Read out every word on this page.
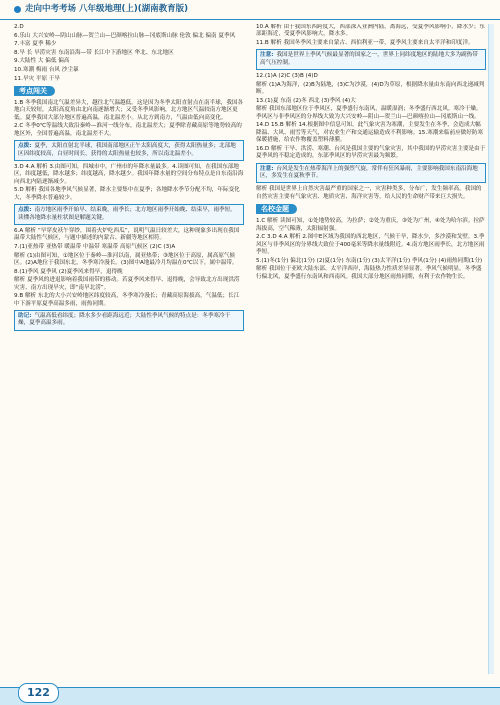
走向中考考场 八年级地理(上)(湖南教育版)

2.D

6.乐山 大兴安岭—阴山山脉—贺兰山—巴颜喀拉山脉—冈底斯山脉 伦敦 偏北 偏南 夏季风

7.丰富 夏季 稀少

8.旱 长 早涝灾害 东南沿海—带 长江中下游地区 华北、东北地区

9.大陆性 大 偏低 偏高

10.寒潮 梅雨 台风 沙尘暴

11.旱灾 平原 干旱

考点闯关

1.B 冬季我国南北气温差异大，越往北气温越低。这是因为冬季太阳直射点在南半球，我国各地白天较短，太阳高度角由北向南逐渐增大；又受冬季风影响，北方地区气温较南方地区更低。夏季我国大部分地区普遍高温，南北温差小。从北方到南方，气温由低向高变化。

2.C 冬季0℃等温线大致沿秦岭—淮河一线分布，南北温差大；夏季除青藏高原等地势较高的地区外，全国普遍高温，南北温差不大。

点拨: 夏季，太阳直射北半球，我国南部地区正午太阳高度大，获得太阳热量多；北部地区因纬度较高，白昼时间长，获得的太阳热量也较多，所以南北温差小。

3.D 4.A 解析 3.由图可知，四城市中，广州市的年降水量最多。4.读图可知，在我国东部地区，纬度越低，降水越多；纬度越高，降水越少。我国年降水量的空间分布特点是自东南沿海向西北内陆逐渐减少。

5.D 解析 我国各地季风气候显著，降水主要集中在夏季；各地降水季节分配不均，年际变化大，冬季降水普遍较少。

点拨: 南方地区雨季开始早、结束晚，雨季长；北方地区雨季开始晚、结束早，雨季短。读懂各地降水量柱状图是解题关键。

6.A 解析 “早穿皮袄午穿纱，围着火炉吃西瓜”，说明气温日较差大，这种现象多出现在我国温带大陆性气候区，与题中描述的内蒙古、新疆等地区相符。

7.(1)亚热带 亚热带 暖温带 中温带 寒温带 高原气候区 (2)C (3)A

解析 (1)由图可知，①地区位于秦岭—淮河以南，属亚热带；③地区位于高原，属高原气候区。(2)A地位于我国东北，冬季寒冷漫长。(3)图中A地最冷月均温在0℃以下，属中温带。

8.(1)季风 夏季风 (2)夏季风来得早，退得晚

解析 夏季风的进退影响着我国雨带的移动。若夏季风来得早、退得晚，会导致北方出现洪涝灾害、南方出现旱灾，即“南旱北涝”。

9.B 解析 东北的大小兴安岭地区纬度较高，冬季寒冷漫长；青藏高原海拔高，气温低；长江中下游平原夏季高温多雨，雨热同期。

助记: 气温高低看纬度；降水多少看距海远近；大陆性季风气候的特点是：冬季寒冷干燥，夏季高温多雨。

10.A 解析 由于我国东西跨度大，西部深入亚洲内陆，离海远，受夏季风影响小，降水少；东部距海近，受夏季风影响大，降水多。

11.B 解析 我国冬季风主要来自蒙古、西伯利亚一带，夏季风主要来自太平洋和印度洋。

注意: 我国是世界上季风气候最显著的国家之一，世界上同纬度地区的陆地大多为副热带高气压控制。

12.(1)A (2)C (3)B (4)D

解析 (1)A为海洋，(2)B为陆地，(3)C为沙漠，(4)D为草原，根据降水量由东南向西北递减判断。

13.(1)夏 东南 (2)冬 西北 (3)季风 (4)大

解析 我国东部地区位于季风区，夏季盛行东南风，温暖湿润；冬季盛行西北风，寒冷干燥。季风区与非季风区的分界线大致为大兴安岭—阴山—贺兰山—巴颜喀拉山—冈底斯山一线。

14.D 15.B 解析 14.根据图中信息可知，此气象灾害为寒潮，主要发生在冬季，会造成大幅降温、大风、雨雪等天气，对农业生产和交通运输造成不利影响。15.寒潮来临前应做好防寒保暖措施，给农作物覆盖塑料薄膜。

16.D 解析 干旱、洪涝、寒潮、台风是我国主要的气象灾害，其中我国的旱涝灾害主要是由于夏季风的不稳定造成的，东部季风区的旱涝灾害最为频繁。

注意: 台风是发生在热带海洋上的强烈气旋，常伴有狂风暴雨，主要影响我国东南沿海地区，多发生在夏秋季节。

解析 我国是世界上自然灾害最严重的国家之一，灾害种类多，分布广，发生频率高。我国的自然灾害主要有气象灾害、地质灾害、海洋灾害等，给人民的生命财产带来巨大损失。

名校金题

1.C 解析 读图可知，①处地势较高，为拉萨；②处为重庆，③处为广州，④处为哈尔滨。拉萨海拔高，空气稀薄，太阳辐射强。

2.C 3.D 4.A 解析 2.图中E区域为我国的西北地区，气候干旱，降水少，多沙漠和戈壁。3.季风区与非季风区的分界线大致位于400毫米等降水量线附近。4.南方地区雨季长，北方地区雨季短。

5.(1)冬(1分) 偏北(1分) (2)夏(1分) 东南(1分) (3)太平洋(1分) 季风(1分) (4)雨热同期(1分)

解析 我国位于亚欧大陆东部、太平洋西岸，海陆热力性质差异显著，季风气候明显。冬季盛行偏北风，夏季盛行东南风和西南风。我国大部分地区雨热同期，有利于农作物生长。

122
